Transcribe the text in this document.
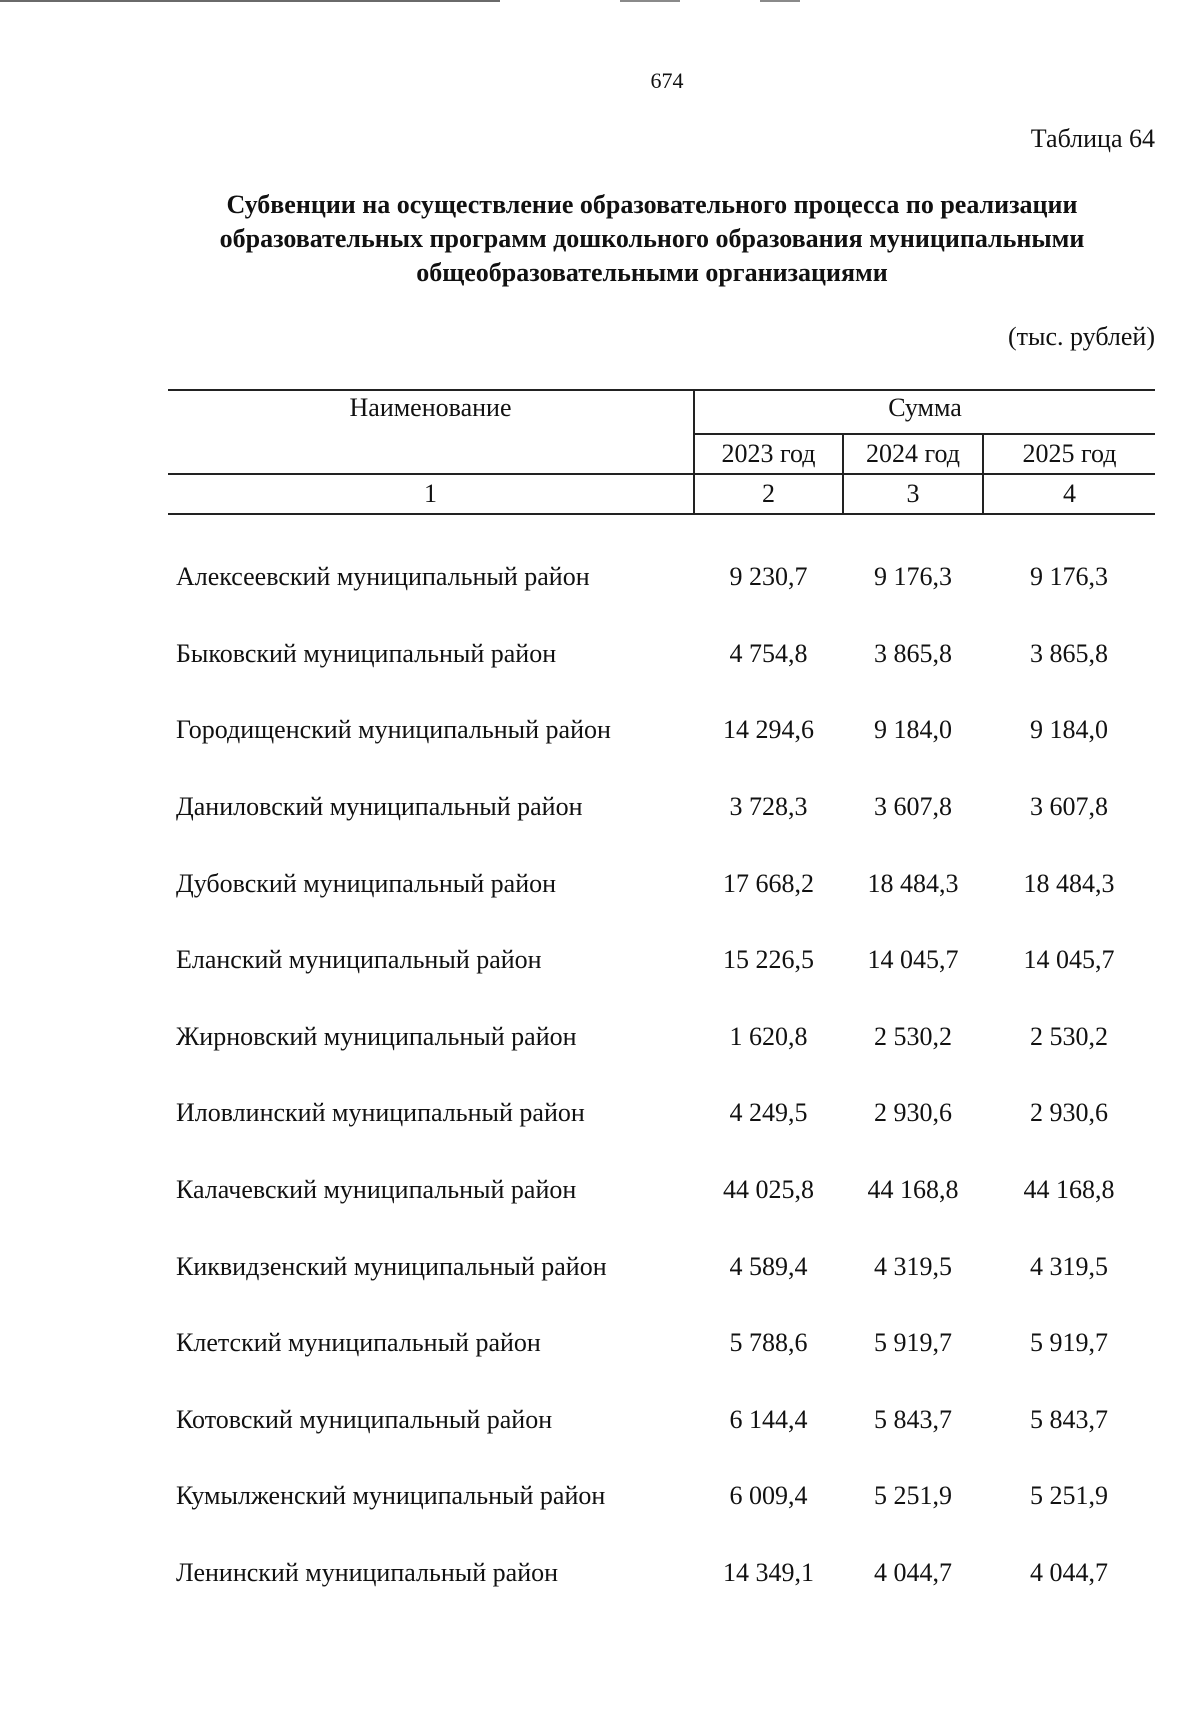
674
Таблица 64
Субвенции на осуществление образовательного процесса по реализации образовательных программ дошкольного образования муниципальными общеобразовательными организациями
(тыс. рублей)
Наименование	Сумма		
	2023 год	2024 год	2025 год
1	2	3	4

Алексеевский муниципальный район	9 230,7	9 176,3	9 176,3
Быковский муниципальный район	4 754,8	3 865,8	3 865,8
Городищенский муниципальный район	14 294,6	9 184,0	9 184,0
Даниловский муниципальный район	3 728,3	3 607,8	3 607,8
Дубовский муниципальный район	17 668,2	18 484,3	18 484,3
Еланский муниципальный район	15 226,5	14 045,7	14 045,7
Жирновский муниципальный район	1 620,8	2 530,2	2 530,2
Иловлинский муниципальный район	4 249,5	2 930,6	2 930,6
Калачевский муниципальный район	44 025,8	44 168,8	44 168,8
Киквидзенский муниципальный район	4 589,4	4 319,5	4 319,5
Клетский муниципальный район	5 788,6	5 919,7	5 919,7
Котовский муниципальный район	6 144,4	5 843,7	5 843,7
Кумылженский муниципальный район	6 009,4	5 251,9	5 251,9
Ленинский муниципальный район	14 349,1	4 044,7	4 044,7
